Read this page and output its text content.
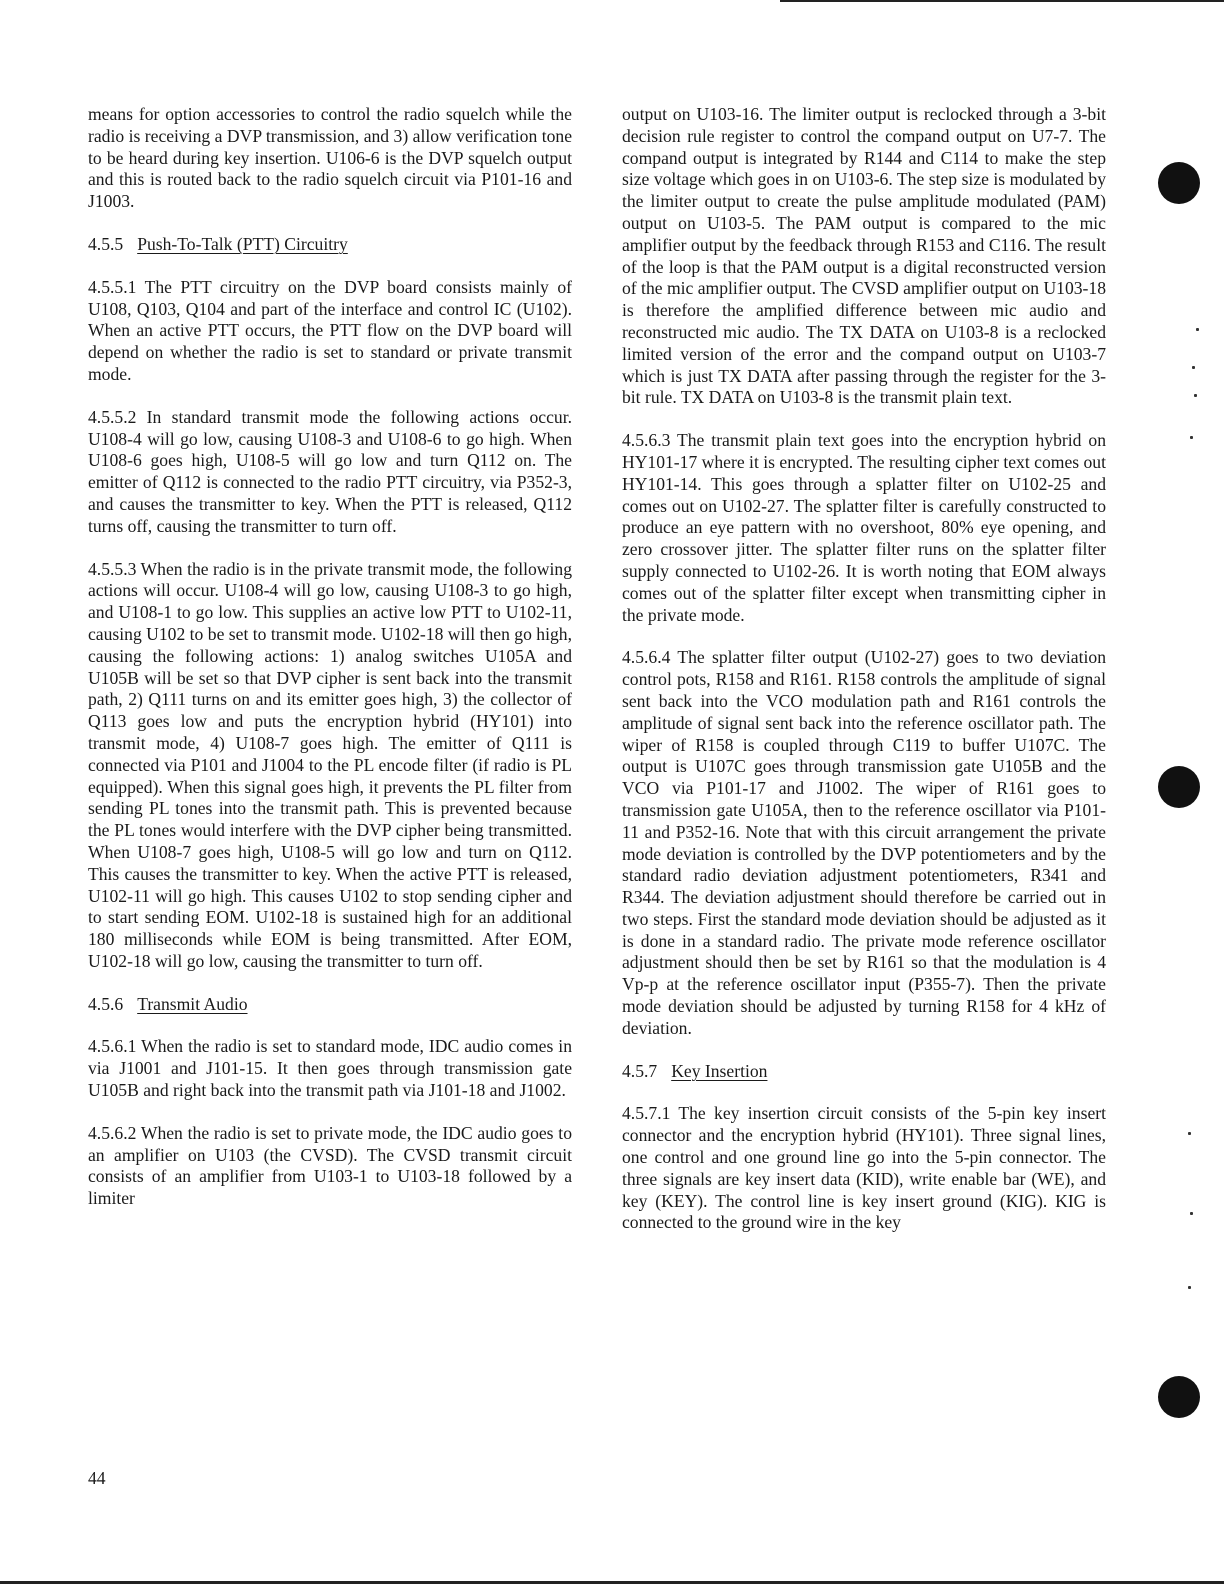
means for option accessories to control the radio squelch while the radio is receiving a DVP transmission, and 3) allow verification tone to be heard during key insertion. U106-6 is the DVP squelch output and this is routed back to the radio squelch circuit via P101-16 and J1003.

4.5.5 Push-To-Talk (PTT) Circuitry

4.5.5.1 The PTT circuitry on the DVP board consists mainly of U108, Q103, Q104 and part of the interface and control IC (U102). When an active PTT occurs, the PTT flow on the DVP board will depend on whether the radio is set to standard or private transmit mode.

4.5.5.2 In standard transmit mode the following actions occur. U108-4 will go low, causing U108-3 and U108-6 to go high. When U108-6 goes high, U108-5 will go low and turn Q112 on. The emitter of Q112 is connected to the radio PTT circuitry, via P352-3, and causes the transmitter to key. When the PTT is released, Q112 turns off, causing the transmitter to turn off.

4.5.5.3 When the radio is in the private transmit mode, the following actions will occur. U108-4 will go low, causing U108-3 to go high, and U108-1 to go low. This supplies an active low PTT to U102-11, causing U102 to be set to transmit mode. U102-18 will then go high, causing the following actions: 1) analog switches U105A and U105B will be set so that DVP cipher is sent back into the transmit path, 2) Q111 turns on and its emitter goes high, 3) the collector of Q113 goes low and puts the encryption hybrid (HY101) into transmit mode, 4) U108-7 goes high. The emitter of Q111 is connected via P101 and J1004 to the PL encode filter (if radio is PL equipped). When this signal goes high, it prevents the PL filter from sending PL tones into the transmit path. This is prevented because the PL tones would interfere with the DVP cipher being transmitted. When U108-7 goes high, U108-5 will go low and turn on Q112. This causes the transmitter to key. When the active PTT is released, U102-11 will go high. This causes U102 to stop sending cipher and to start sending EOM. U102-18 is sustained high for an additional 180 milliseconds while EOM is being transmitted. After EOM, U102-18 will go low, causing the transmitter to turn off.

4.5.6 Transmit Audio

4.5.6.1 When the radio is set to standard mode, IDC audio comes in via J1001 and J101-15. It then goes through transmission gate U105B and right back into the transmit path via J101-18 and J1002.

4.5.6.2 When the radio is set to private mode, the IDC audio goes to an amplifier on U103 (the CVSD). The CVSD transmit circuit consists of an amplifier from U103-1 to U103-18 followed by a limiter

output on U103-16. The limiter output is reclocked through a 3-bit decision rule register to control the compand output on U7-7. The compand output is integrated by R144 and C114 to make the step size voltage which goes in on U103-6. The step size is modulated by the limiter output to create the pulse amplitude modulated (PAM) output on U103-5. The PAM output is compared to the mic amplifier output by the feedback through R153 and C116. The result of the loop is that the PAM output is a digital reconstructed version of the mic amplifier output. The CVSD amplifier output on U103-18 is therefore the amplified difference between mic audio and reconstructed mic audio. The TX DATA on U103-8 is a reclocked limited version of the error and the compand output on U103-7 which is just TX DATA after passing through the register for the 3-bit rule. TX DATA on U103-8 is the transmit plain text.

4.5.6.3 The transmit plain text goes into the encryption hybrid on HY101-17 where it is encrypted. The resulting cipher text comes out HY101-14. This goes through a splatter filter on U102-25 and comes out on U102-27. The splatter filter is carefully constructed to produce an eye pattern with no overshoot, 80% eye opening, and zero crossover jitter. The splatter filter runs on the splatter filter supply connected to U102-26. It is worth noting that EOM always comes out of the splatter filter except when transmitting cipher in the private mode.

4.5.6.4 The splatter filter output (U102-27) goes to two deviation control pots, R158 and R161. R158 controls the amplitude of signal sent back into the VCO modulation path and R161 controls the amplitude of signal sent back into the reference oscillator path. The wiper of R158 is coupled through C119 to buffer U107C. The output is U107C goes through transmission gate U105B and the VCO via P101-17 and J1002. The wiper of R161 goes to transmission gate U105A, then to the reference oscillator via P101-11 and P352-16. Note that with this circuit arrangement the private mode deviation is controlled by the DVP potentiometers and by the standard radio deviation adjustment potentiometers, R341 and R344. The deviation adjustment should therefore be carried out in two steps. First the standard mode deviation should be adjusted as it is done in a standard radio. The private mode reference oscillator adjustment should then be set by R161 so that the modulation is 4 Vp-p at the reference oscillator input (P355-7). Then the private mode deviation should be adjusted by turning R158 for 4 kHz of deviation.

4.5.7 Key Insertion

4.5.7.1 The key insertion circuit consists of the 5-pin key insert connector and the encryption hybrid (HY101). Three signal lines, one control and one ground line go into the 5-pin connector. The three signals are key insert data (KID), write enable bar (WE), and key (KEY). The control line is key insert ground (KIG). KIG is connected to the ground wire in the key

44
